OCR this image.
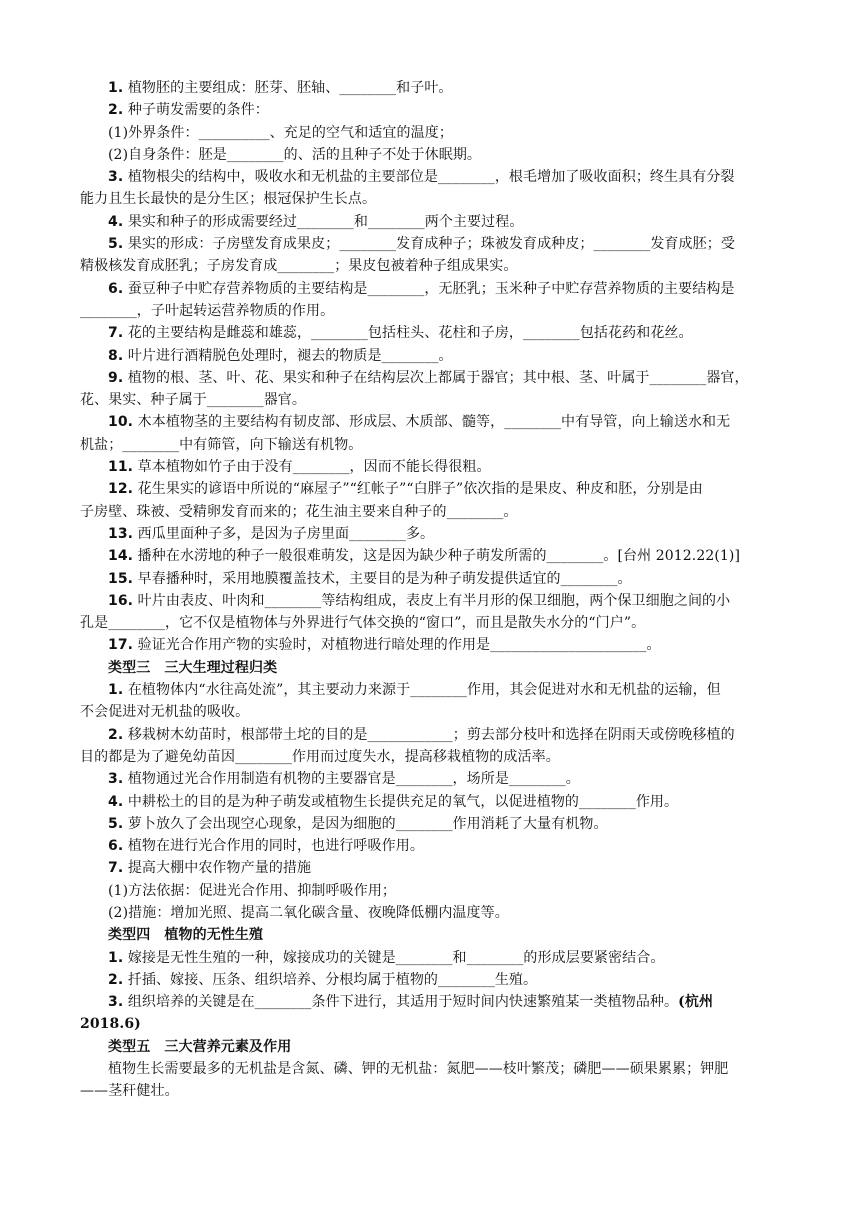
1. 植物胚的主要组成：胚芽、胚轴、________和子叶。
2. 种子萌发需要的条件：
(1)外界条件：__________、充足的空气和适宜的温度；
(2)自身条件：胚是________的、活的且种子不处于休眠期。
3. 植物根尖的结构中，吸收水和无机盐的主要部位是________，根毛增加了吸收面积；终生具有分裂
能力且生长最快的是分生区；根冠保护生长点。
4. 果实和种子的形成需要经过________和________两个主要过程。
5. 果实的形成：子房壁发育成果皮；________发育成种子；珠被发育成种皮；________发育成胚；受
精极核发育成胚乳；子房发育成________；果皮包被着种子组成果实。
6. 蚕豆种子中贮存营养物质的主要结构是________，无胚乳；玉米种子中贮存营养物质的主要结构是
________，子叶起转运营养物质的作用。
7. 花的主要结构是雌蕊和雄蕊，________包括柱头、花柱和子房，________包括花药和花丝。
8. 叶片进行酒精脱色处理时，褪去的物质是________。
9. 植物的根、茎、叶、花、果实和种子在结构层次上都属于器官；其中根、茎、叶属于________器官，
花、果实、种子属于________器官。
10. 木本植物茎的主要结构有韧皮部、形成层、木质部、髓等，________中有导管，向上输送水和无
机盐；________中有筛管，向下输送有机物。
11. 草本植物如竹子由于没有________，因而不能长得很粗。
12. 花生果实的谚语中所说的“麻屋子”“红帐子”“白胖子”依次指的是果皮、种皮和胚，分别是由
子房壁、珠被、受精卵发育而来的；花生油主要来自种子的________。
13. 西瓜里面种子多，是因为子房里面________多。
14. 播种在水涝地的种子一般很难萌发，这是因为缺少种子萌发所需的________。[台州 2012.22(1)]
15. 早春播种时，采用地膜覆盖技术，主要目的是为种子萌发提供适宜的________。
16. 叶片由表皮、叶肉和________等结构组成，表皮上有半月形的保卫细胞，两个保卫细胞之间的小
孔是________，它不仅是植物体与外界进行气体交换的“窗口”，而且是散失水分的“门户”。
17. 验证光合作用产物的实验时，对植物进行暗处理的作用是______________________。
类型三　三大生理过程归类
1. 在植物体内“水往高处流”，其主要动力来源于________作用，其会促进对水和无机盐的运输，但
不会促进对无机盐的吸收。
2. 移栽树木幼苗时，根部带土坨的目的是____________；剪去部分枝叶和选择在阴雨天或傍晚移植的
目的都是为了避免幼苗因________作用而过度失水，提高移栽植物的成活率。
3. 植物通过光合作用制造有机物的主要器官是________，场所是________。
4. 中耕松土的目的是为种子萌发或植物生长提供充足的氧气，以促进植物的________作用。
5. 萝卜放久了会出现空心现象，是因为细胞的________作用消耗了大量有机物。
6. 植物在进行光合作用的同时，也进行呼吸作用。
7. 提高大棚中农作物产量的措施
(1)方法依据：促进光合作用、抑制呼吸作用；
(2)措施：增加光照、提高二氧化碳含量、夜晚降低棚内温度等。
类型四　植物的无性生殖
1. 嫁接是无性生殖的一种，嫁接成功的关键是________和________的形成层要紧密结合。
2. 扦插、嫁接、压条、组织培养、分根均属于植物的________生殖。
3. 组织培养的关键是在________条件下进行，其适用于短时间内快速繁殖某一类植物品种。(杭州
2018.6)
类型五　三大营养元素及作用
植物生长需要最多的无机盐是含氮、磷、钾的无机盐：氮肥——枝叶繁茂；磷肥——硕果累累；钾肥
——茎秆健壮。
